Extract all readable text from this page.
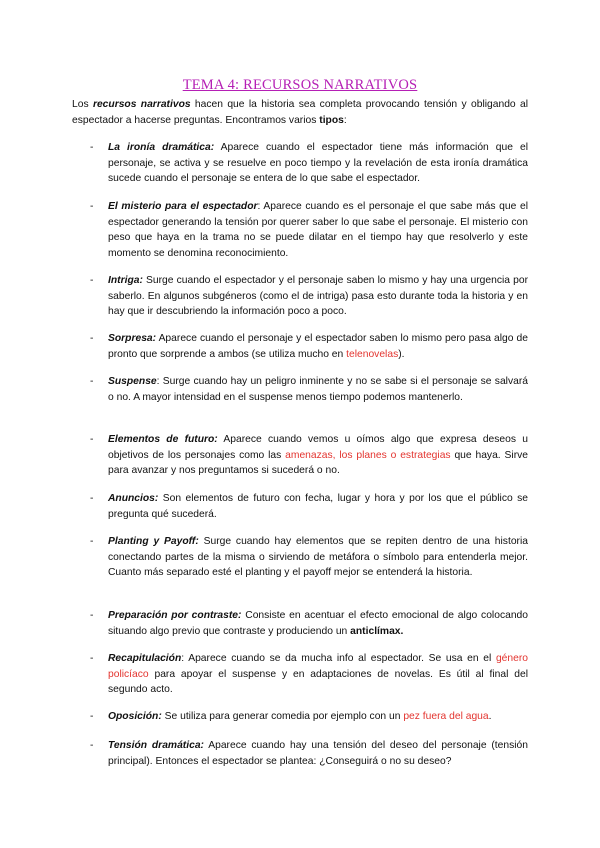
TEMA 4: RECURSOS NARRATIVOS

Los recursos narrativos hacen que la historia sea completa provocando tensión y obligando al espectador a hacerse preguntas. Encontramos varios tipos:

- La ironía dramática: Aparece cuando el espectador tiene más información que el personaje, se activa y se resuelve en poco tiempo y la revelación de esta ironía dramática sucede cuando el personaje se entera de lo que sabe el espectador.

- El misterio para el espectador: Aparece cuando es el personaje el que sabe más que el espectador generando la tensión por querer saber lo que sabe el personaje. El misterio con peso que haya en la trama no se puede dilatar en el tiempo hay que resolverlo y este momento se denomina reconocimiento.

- Intriga: Surge cuando el espectador y el personaje saben lo mismo y hay una urgencia por saberlo. En algunos subgéneros (como el de intriga) pasa esto durante toda la historia y en hay que ir descubriendo la información poco a poco.

- Sorpresa: Aparece cuando el personaje y el espectador saben lo mismo pero pasa algo de pronto que sorprende a ambos (se utiliza mucho en telenovelas).

- Suspense: Surge cuando hay un peligro inminente y no se sabe si el personaje se salvará o no. A mayor intensidad en el suspense menos tiempo podemos mantenerlo.

- Elementos de futuro: Aparece cuando vemos u oímos algo que expresa deseos u objetivos de los personajes como las amenazas, los planes o estrategias que haya. Sirve para avanzar y nos preguntamos si sucederá o no.

- Anuncios: Son elementos de futuro con fecha, lugar y hora y por los que el público se pregunta qué sucederá.

- Planting y Payoff: Surge cuando hay elementos que se repiten dentro de una historia conectando partes de la misma o sirviendo de metáfora o símbolo para entenderla mejor. Cuanto más separado esté el planting y el payoff mejor se entenderá la historia.

- Preparación por contraste: Consiste en acentuar el efecto emocional de algo colocando situando algo previo que contraste y produciendo un anticlímax.

- Recapitulación: Aparece cuando se da mucha info al espectador. Se usa en el género policíaco para apoyar el suspense y en adaptaciones de novelas. Es útil al final del segundo acto.

- Oposición: Se utiliza para generar comedia por ejemplo con un pez fuera del agua.

- Tensión dramática: Aparece cuando hay una tensión del deseo del personaje (tensión principal). Entonces el espectador se plantea: ¿Conseguirá o no su deseo?
